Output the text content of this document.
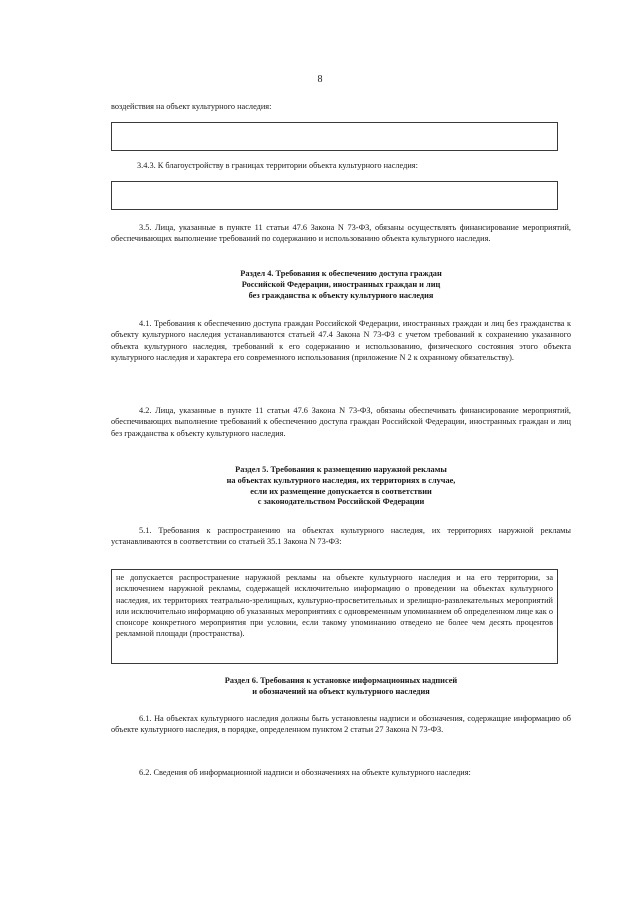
8
воздействия на объект культурного наследия:
3.4.3. К благоустройству в границах территории объекта культурного наследия:
3.5. Лица, указанные в пункте 11 статьи 47.6 Закона N 73-ФЗ, обязаны осуществлять финансирование мероприятий, обеспечивающих выполнение требований по содержанию и использованию объекта культурного наследия.
Раздел 4. Требования к обеспечению доступа граждан
Российской Федерации, иностранных граждан и лиц
без гражданства к объекту культурного наследия
4.1. Требования к обеспечению доступа граждан Российской Федерации, иностранных граждан и лиц без гражданства к объекту культурного наследия устанавливаются статьей 47.4 Закона N 73-ФЗ с учетом требований к сохранению указанного объекта культурного наследия, требований к его содержанию и использованию, физического состояния этого объекта культурного наследия и характера его современного использования (приложение N 2 к охранному обязательству).
4.2. Лица, указанные в пункте 11 статьи 47.6 Закона N 73-ФЗ, обязаны обеспечивать финансирование мероприятий, обеспечивающих выполнение требований к обеспечению доступа граждан Российской Федерации, иностранных граждан и лиц без гражданства к объекту культурного наследия.
Раздел 5. Требования к размещению наружной рекламы
на объектах культурного наследия, их территориях в случае,
если их размещение допускается в соответствии
с законодательством Российской Федерации
5.1. Требования к распространению на объектах культурного наследия, их территориях наружной рекламы устанавливаются в соответствии со статьей 35.1 Закона N 73-ФЗ:
не допускается распространение наружной рекламы на объекте культурного наследия и на его территории, за исключением наружной рекламы, содержащей исключительно информацию о проведении на объектах культурного наследия, их территориях театрально-зрелищных, культурно-просветительных и зрелищно-развлекательных мероприятий или исключительно информацию об указанных мероприятиях с одновременным упоминанием об определенном лице как о спонсоре конкретного мероприятия при условии, если такому упоминанию отведено не более чем десять процентов рекламной площади (пространства).
Раздел 6. Требования к установке информационных надписей
и обозначений на объект культурного наследия
6.1. На объектах культурного наследия должны быть установлены надписи и обозначения, содержащие информацию об объекте культурного наследия, в порядке, определенном пунктом 2 статьи 27 Закона N 73-ФЗ.
6.2. Сведения об информационной надписи и обозначениях на объекте культурного наследия:
